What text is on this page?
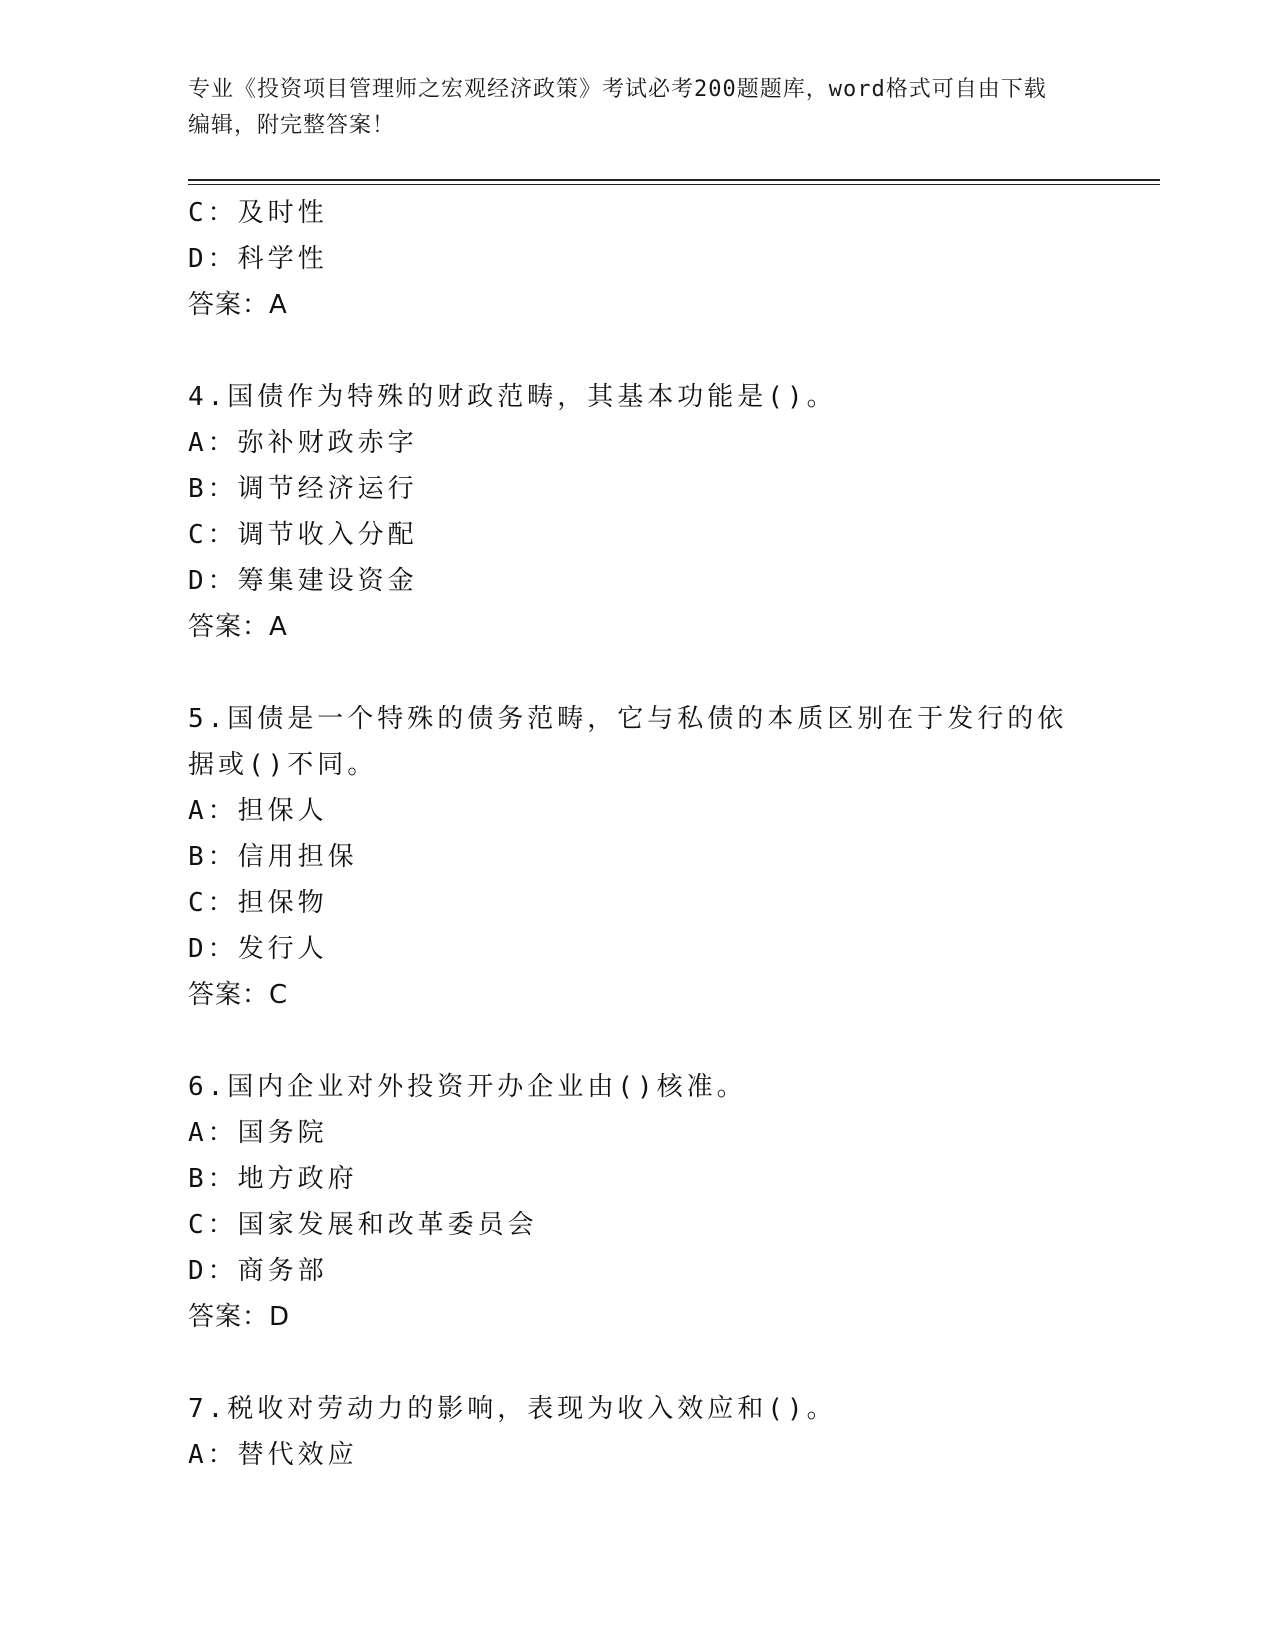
专业《投资项目管理师之宏观经济政策》考试必考200题题库，word格式可自由下载编辑，附完整答案！
C：及时性
D：科学性
答案：A
4.国债作为特殊的财政范畴，其基本功能是()。
A：弥补财政赤字
B：调节经济运行
C：调节收入分配
D：筹集建设资金
答案：A
5.国债是一个特殊的债务范畴，它与私债的本质区别在于发行的依据或()不同。
A：担保人
B：信用担保
C：担保物
D：发行人
答案：C
6.国内企业对外投资开办企业由()核准。
A：国务院
B：地方政府
C：国家发展和改革委员会
D：商务部
答案：D
7.税收对劳动力的影响，表现为收入效应和()。
A：替代效应
